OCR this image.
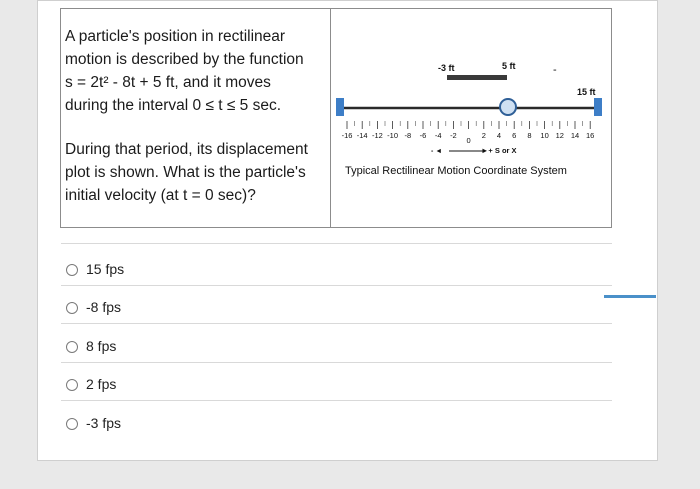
A particle's position in rectilinear
motion is described by the function
s = 2t² - 8t + 5 ft, and it moves
during the interval 0 ≤ t ≤ 5 sec.
During that period, its displacement
plot is shown. What is the particle's
initial velocity (at t = 0 sec)?
-3 ft	5 ft	-
15 ft
-16 -14 -12 -10 -8 -6 -4 -2
0
2 4 6 8 10 12 14 16
- ◄	►+ S or X
Typical Rectilinear Motion Coordinate System
15 fps
-8 fps
8 fps
2 fps
-3 fps
